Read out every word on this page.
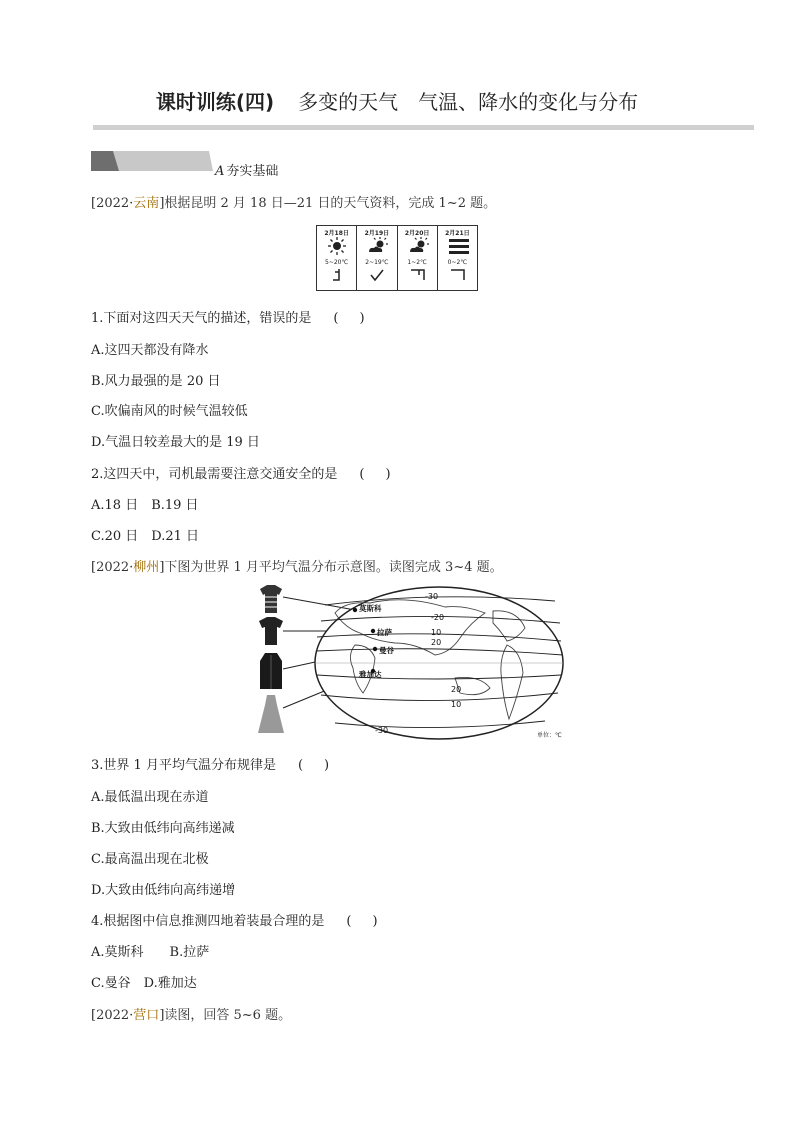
课时训练(四) 多变的天气　气温、降水的变化与分布
A 夯实基础
[2022·云南]根据昆明 2 月 18 日—21 日的天气资料，完成 1~2 题。
2月18日
5~20℃
2月19日
2~19℃
2月20日
1~2℃
2月21日
0~2℃
1.下面对这四天天气的描述，错误的是 (　)
A.这四天都没有降水
B.风力最强的是 20 日
C.吹偏南风的时候气温较低
D.气温日较差最大的是 19 日
2.这四天中，司机最需要注意交通安全的是 (　)
A.18 日　B.19 日
C.20 日　D.21 日
[2022·柳州]下图为世界 1 月平均气温分布示意图。读图完成 3~4 题。
莫斯科
拉萨
曼谷
雅加达
-30
-20
10
20
20
10
-30
单位：℃
3.世界 1 月平均气温分布规律是 (　)
A.最低温出现在赤道
B.大致由低纬向高纬递减
C.最高温出现在北极
D.大致由低纬向高纬递增
4.根据图中信息推测四地着装最合理的是 (　)
A.莫斯科　　B.拉萨
C.曼谷　D.雅加达
[2022·营口]读图，回答 5~6 题。
